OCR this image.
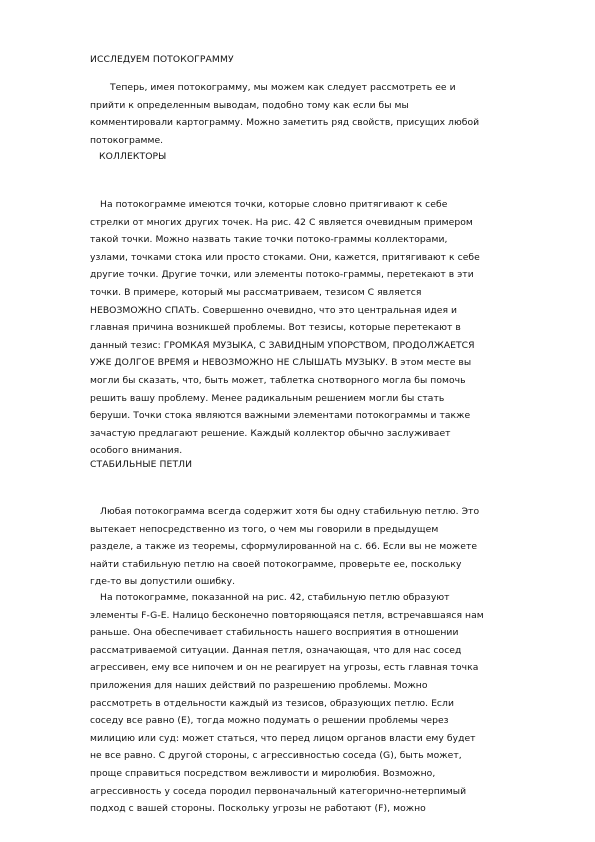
ИССЛЕДУЕМ ПОТОКОГРАММУ
Теперь, имея потокограмму, мы можем как следует рассмотреть ее и
прийти к определенным выводам, подобно тому как если бы мы
комментировали картограмму. Можно заметить ряд свойств, присущих любой
потокограмме.
КОЛЛЕКТОРЫ
На потокограмме имеются точки, которые словно притягивают к себе
стрелки от многих других точек. На рис. 42 С является очевидным примером
такой точки. Можно назвать такие точки потоко-граммы коллекторами,
узлами, точками стока или просто стоками. Они, кажется, притягивают к себе
другие точки. Другие точки, или элементы потоко-граммы, перетекают в эти
точки. В примере, который мы рассматриваем, тезисом С является
НЕВОЗМОЖНО СПАТЬ. Совершенно очевидно, что это центральная идея и
главная причина возникшей проблемы. Вот тезисы, которые перетекают в
данный тезис: ГРОМКАЯ МУЗЫКА, С ЗАВИДНЫМ УПОРСТВОМ, ПРОДОЛЖАЕТСЯ
УЖЕ ДОЛГОЕ ВРЕМЯ и НЕВОЗМОЖНО НЕ СЛЫШАТЬ МУЗЫКУ. В этом месте вы
могли бы сказать, что, быть может, таблетка снотворного могла бы помочь
решить вашу проблему. Менее радикальным решением могли бы стать
беруши. Точки стока являются важными элементами потокограммы и также
зачастую предлагают решение. Каждый коллектор обычно заслуживает
особого внимания.
СТАБИЛЬНЫЕ ПЕТЛИ
Любая потокограмма всегда содержит хотя бы одну стабильную петлю. Это
вытекает непосредственно из того, о чем мы говорили в предыдущем
разделе, а также из теоремы, сформулированной на с. 66. Если вы не можете
найти стабильную петлю на своей потокограмме, проверьте ее, поскольку
где-то вы допустили ошибку.
На потокограмме, показанной на рис. 42, стабильную петлю образуют
элементы F-G-E. Налицо бесконечно повторяющаяся петля, встречавшаяся нам
раньше. Она обеспечивает стабильность нашего восприятия в отношении
рассматриваемой ситуации. Данная петля, означающая, что для нас сосед
агрессивен, ему все нипочем и он не реагирует на угрозы, есть главная точка
приложения для наших действий по разрешению проблемы. Можно
рассмотреть в отдельности каждый из тезисов, образующих петлю. Если
соседу все равно (Е), тогда можно подумать о решении проблемы через
милицию или суд: может статься, что перед лицом органов власти ему будет
не все равно. С другой стороны, с агрессивностью соседа (G), быть может,
проще справиться посредством вежливости и миролюбия. Возможно,
агрессивность у соседа породил первоначальный категорично-нетерпимый
подход с вашей стороны. Поскольку угрозы не работают (F), можно
